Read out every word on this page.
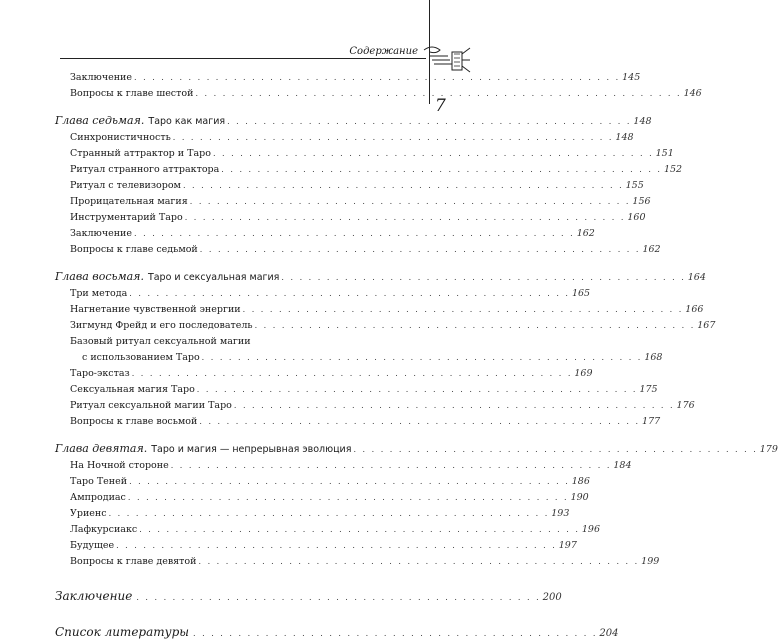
Содержание
7
Заключение . . . . . . . . . . . . . . . . . . . . . . . . . . . . . . . . . . . . . . . . . . . . . . . . . . . . . . 145
Вопросы к главе шестой . . . . . . . . . . . . . . . . . . . . . . . . . . . . . . . . . . . . . . . . . . . . . . . . . . . . . . 146
Глава седьмая. Таро как магия . . . . . . . . . . . . . . . . . . . . . . . . . . . . . . . . . . . . . . . . . . . . . 148
Синхронистичность . . . . . . . . . . . . . . . . . . . . . . . . . . . . . . . . . . . . . . . . . . . . . . . . . 148
Странный аттрактор и Таро . . . . . . . . . . . . . . . . . . . . . . . . . . . . . . . . . . . . . . . . . . . . . . . . . 151
Ритуал странного аттрактора . . . . . . . . . . . . . . . . . . . . . . . . . . . . . . . . . . . . . . . . . . . . . . . . . 152
Ритуал с телевизором . . . . . . . . . . . . . . . . . . . . . . . . . . . . . . . . . . . . . . . . . . . . . . . . . 155
Прорицательная магия . . . . . . . . . . . . . . . . . . . . . . . . . . . . . . . . . . . . . . . . . . . . . . . . . 156
Инструментарий Таро . . . . . . . . . . . . . . . . . . . . . . . . . . . . . . . . . . . . . . . . . . . . . . . . . 160
Заключение . . . . . . . . . . . . . . . . . . . . . . . . . . . . . . . . . . . . . . . . . . . . . . . . . 162
Вопросы к главе седьмой . . . . . . . . . . . . . . . . . . . . . . . . . . . . . . . . . . . . . . . . . . . . . . . . . 162
Глава восьмая. Таро и сексуальная магия . . . . . . . . . . . . . . . . . . . . . . . . . . . . . . . . . . . . . . . . . . . . . 164
Три метода . . . . . . . . . . . . . . . . . . . . . . . . . . . . . . . . . . . . . . . . . . . . . . . . . 165
Нагнетание чувственной энергии . . . . . . . . . . . . . . . . . . . . . . . . . . . . . . . . . . . . . . . . . . . . . . . . . 166
Зигмунд Фрейд и его последователь . . . . . . . . . . . . . . . . . . . . . . . . . . . . . . . . . . . . . . . . . . . . . . . . . 167
Базовый ритуал сексуальной магии
с использованием Таро . . . . . . . . . . . . . . . . . . . . . . . . . . . . . . . . . . . . . . . . . . . . . . . . . 168
Таро-экстаз . . . . . . . . . . . . . . . . . . . . . . . . . . . . . . . . . . . . . . . . . . . . . . . . . 169
Сексуальная магия Таро . . . . . . . . . . . . . . . . . . . . . . . . . . . . . . . . . . . . . . . . . . . . . . . . . 175
Ритуал сексуальной магии Таро . . . . . . . . . . . . . . . . . . . . . . . . . . . . . . . . . . . . . . . . . . . . . . . . . 176
Вопросы к главе восьмой . . . . . . . . . . . . . . . . . . . . . . . . . . . . . . . . . . . . . . . . . . . . . . . . . 177
Глава девятая. Таро и магия — непрерывная эволюция . . . . . . . . . . . . . . . . . . . . . . . . . . . . . . . . . . . . . . . . . . . . . 179
На Ночной стороне . . . . . . . . . . . . . . . . . . . . . . . . . . . . . . . . . . . . . . . . . . . . . . . . . 184
Таро Теней . . . . . . . . . . . . . . . . . . . . . . . . . . . . . . . . . . . . . . . . . . . . . . . . . 186
Ампродиас . . . . . . . . . . . . . . . . . . . . . . . . . . . . . . . . . . . . . . . . . . . . . . . . . 190
Уриенс . . . . . . . . . . . . . . . . . . . . . . . . . . . . . . . . . . . . . . . . . . . . . . . . . 193
Лафкурсиакс . . . . . . . . . . . . . . . . . . . . . . . . . . . . . . . . . . . . . . . . . . . . . . . . . 196
Будущее . . . . . . . . . . . . . . . . . . . . . . . . . . . . . . . . . . . . . . . . . . . . . . . . . 197
Вопросы к главе девятой . . . . . . . . . . . . . . . . . . . . . . . . . . . . . . . . . . . . . . . . . . . . . . . . . 199
Заключение . . . . . . . . . . . . . . . . . . . . . . . . . . . . . . . . . . . . . . . . . . . . . 200
Список литературы . . . . . . . . . . . . . . . . . . . . . . . . . . . . . . . . . . . . . . . . . . . . . 204
